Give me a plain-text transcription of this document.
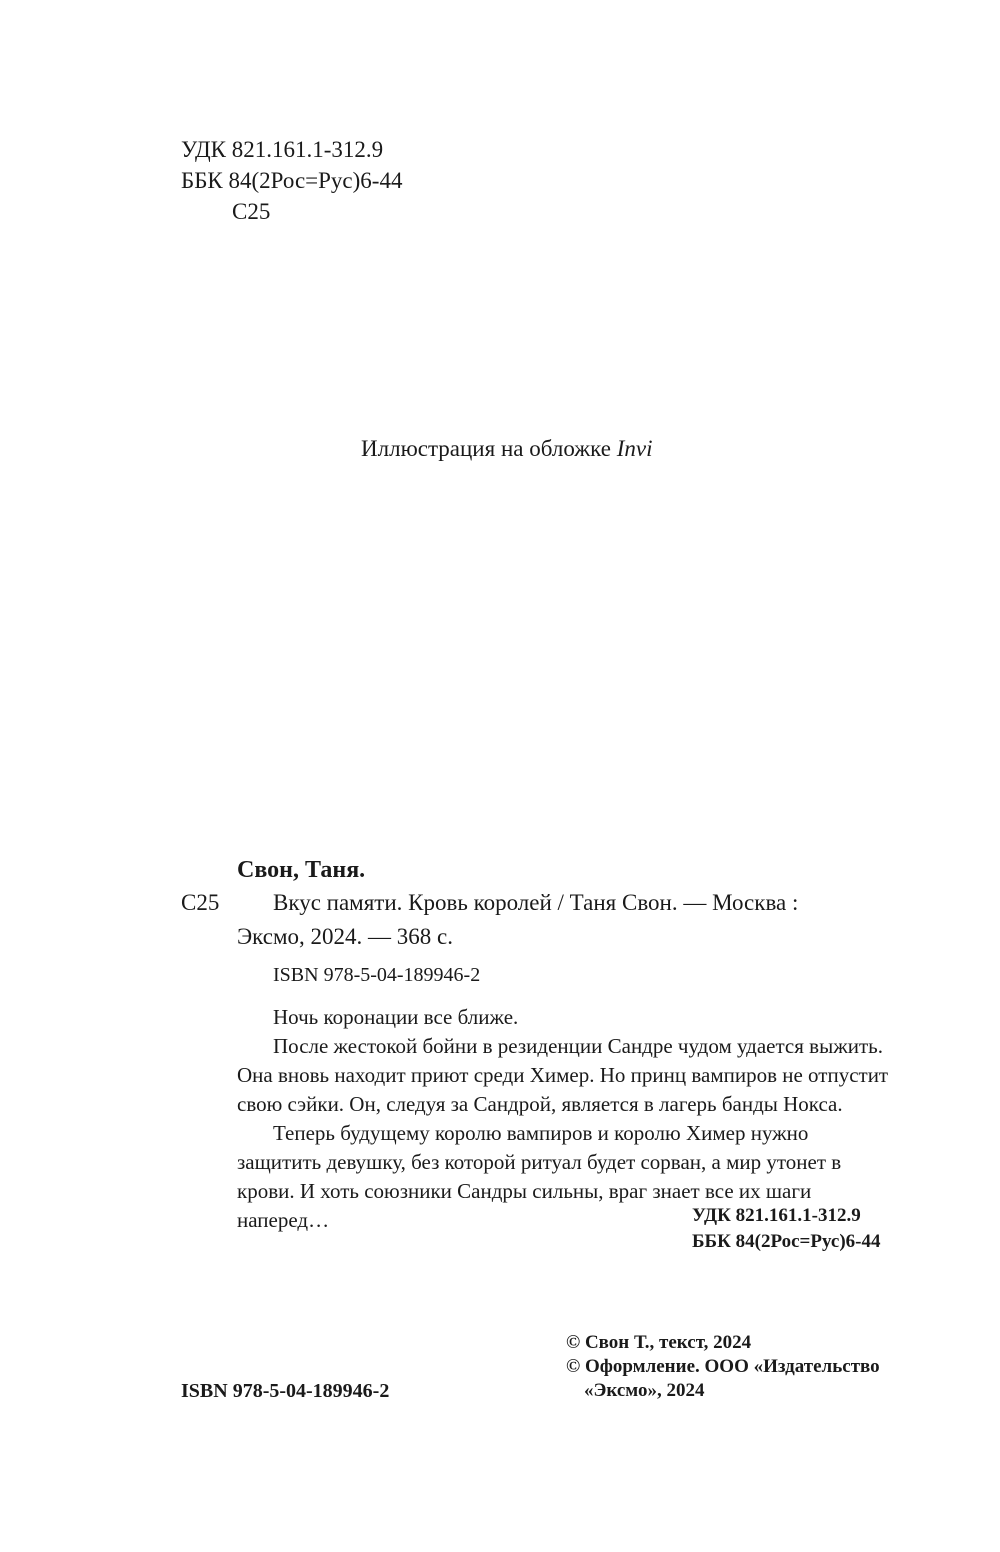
УДК 821.161.1-312.9
ББК 84(2Рос=Рус)6-44
С25
Иллюстрация на обложке Invi
Свон, Таня.
С25 Вкус памяти. Кровь королей / Таня Свон. — Москва :
Эксмо, 2024. — 368 с.
ISBN 978-5-04-189946-2

Ночь коронации все ближе.

После жестокой бойни в резиденции Сандре чудом удается выжить. Она вновь находит приют среди Химер. Но принц вампиров не отпустит свою сэйки. Он, следуя за Сандрой, является в лагерь банды Нокса.

Теперь будущему королю вампиров и королю Химер нужно защитить девушку, без которой ритуал будет сорван, а мир утонет в крови. И хоть союзники Сандры сильны, враг знает все их шаги наперед…	УДК 821.161.1-312.9
ББК 84(2Рос=Рус)6-44
© Свон Т., текст, 2024
© Оформление. ООО «Издательство
«Эксмо», 2024
ISBN 978-5-04-189946-2
